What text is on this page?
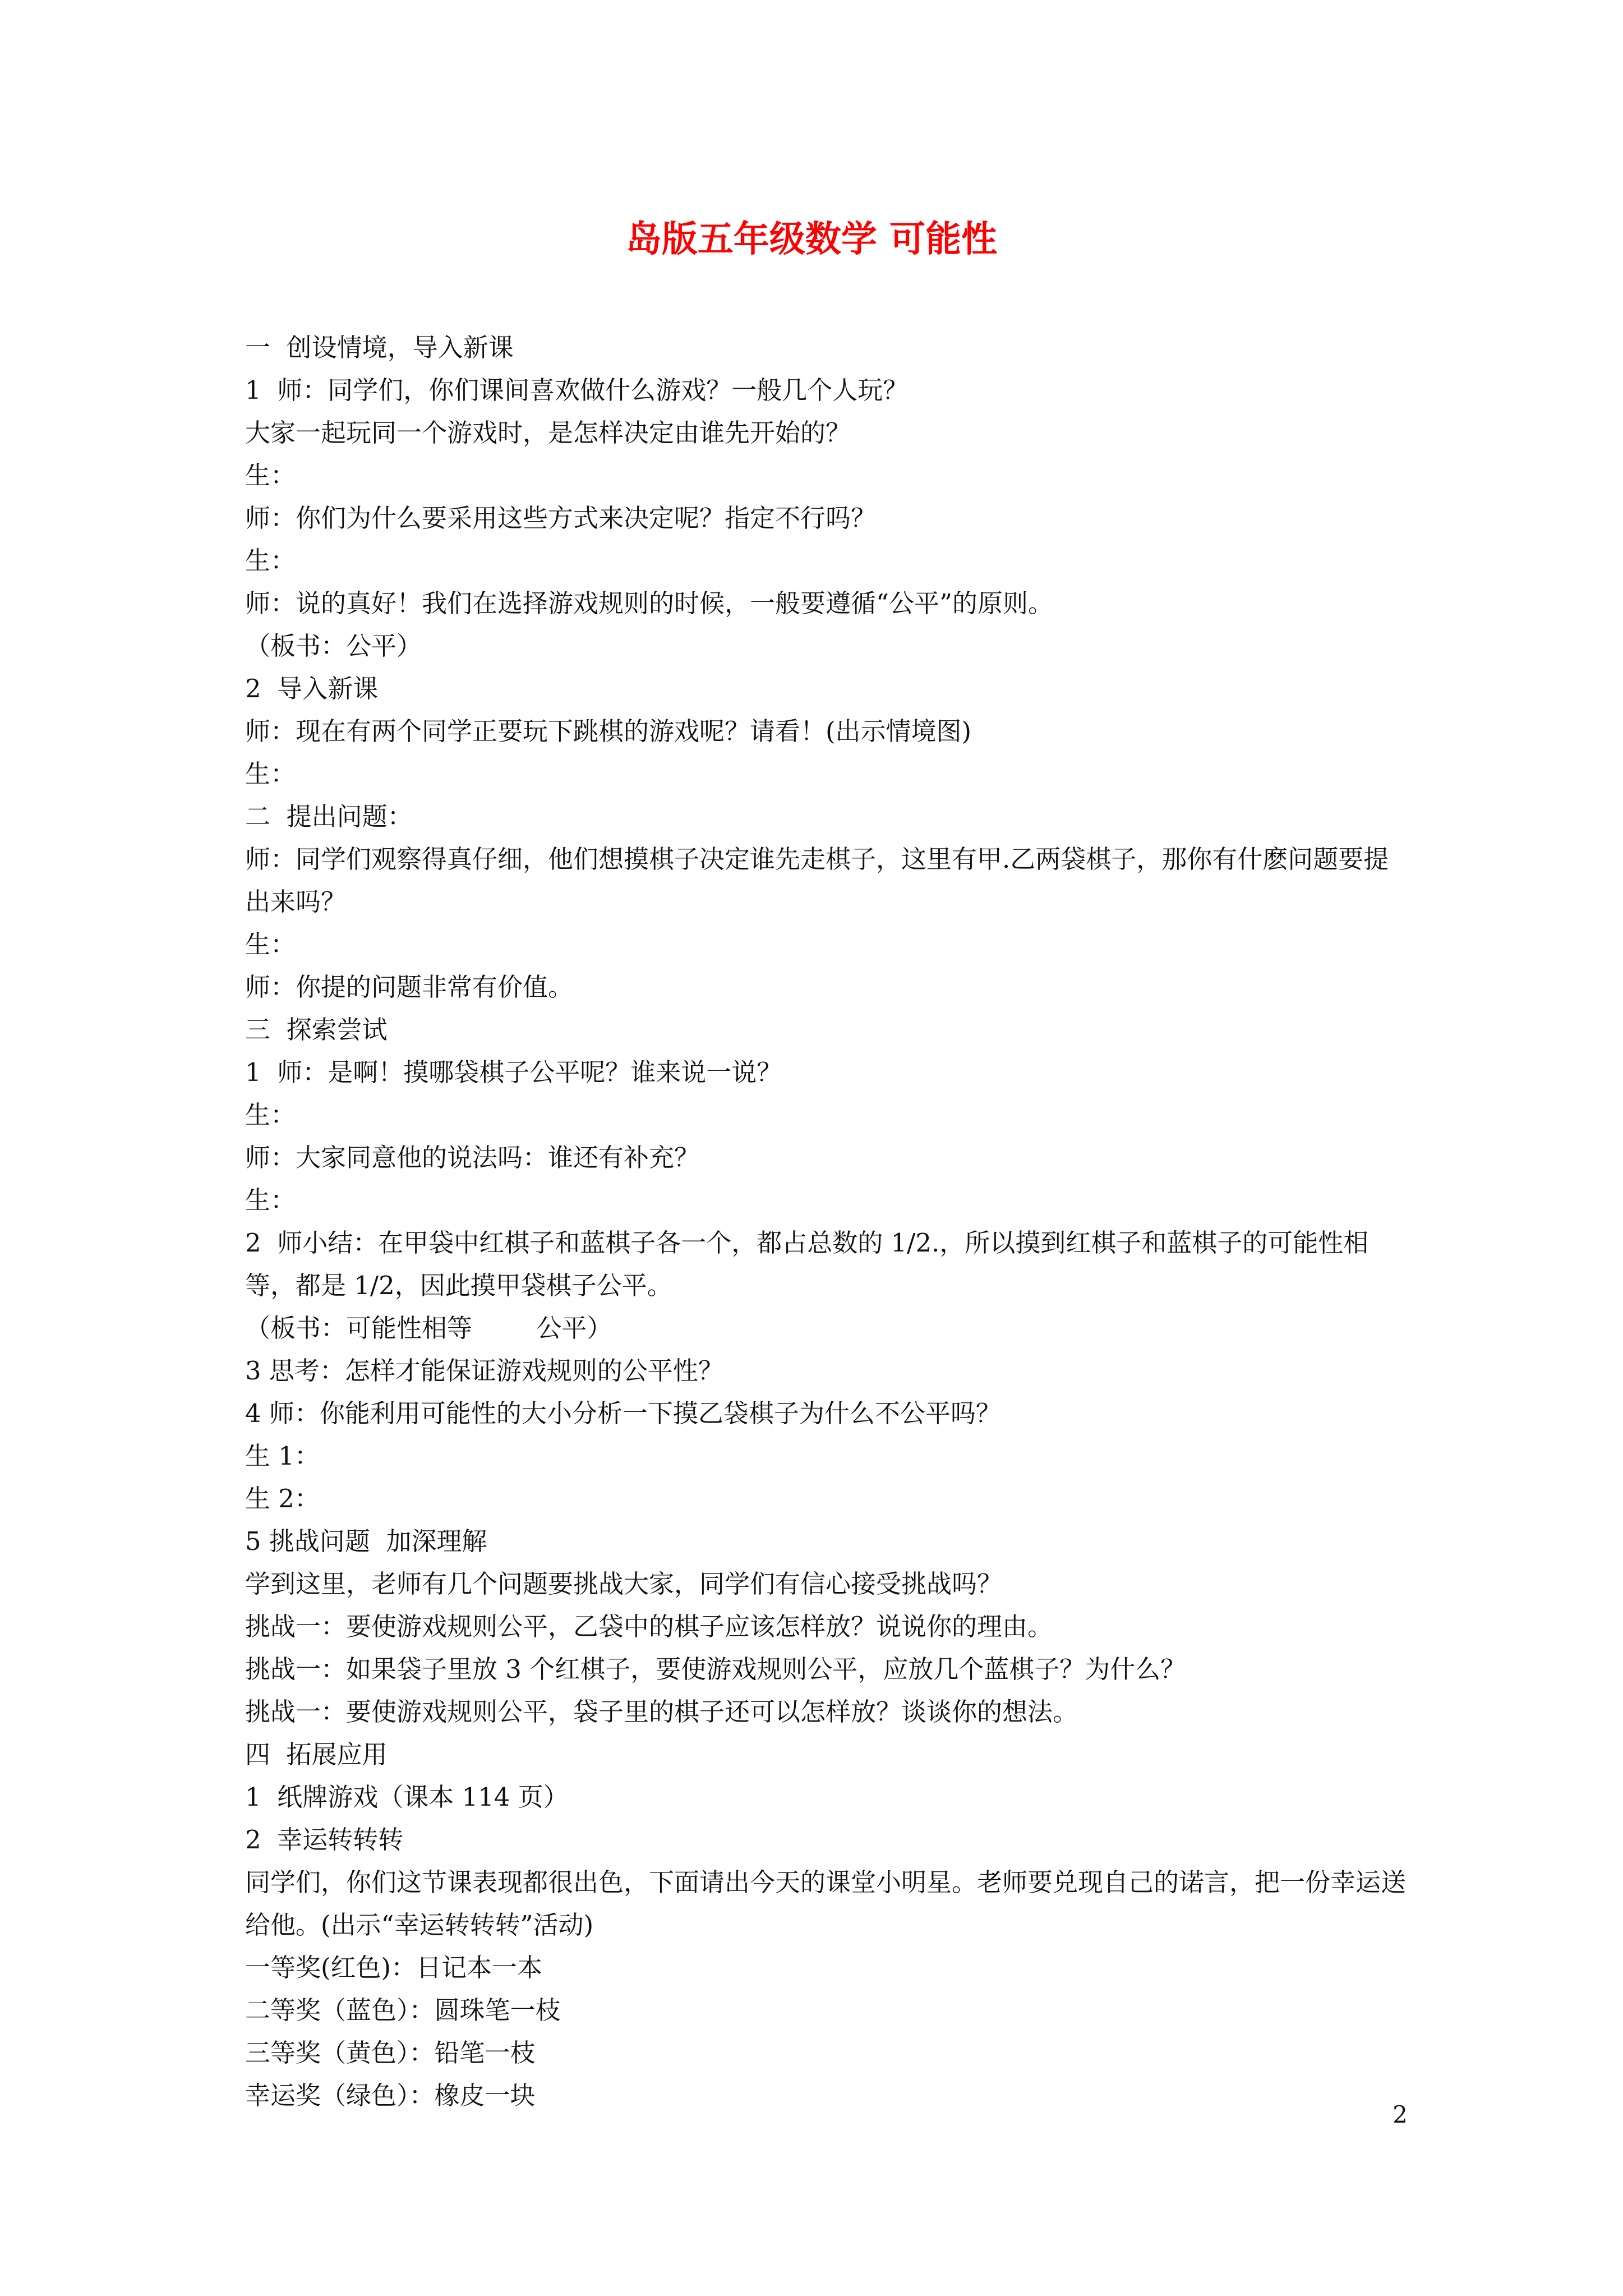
岛版五年级数学 可能性
一  创设情境，导入新课
1  师：同学们，你们课间喜欢做什么游戏？一般几个人玩？
大家一起玩同一个游戏时，是怎样决定由谁先开始的？
生：
师：你们为什么要采用这些方式来决定呢？指定不行吗？
生：
师：说的真好！我们在选择游戏规则的时候，一般要遵循“公平”的原则。
（板书：公平）
2  导入新课
师：现在有两个同学正要玩下跳棋的游戏呢？请看！(出示情境图)
生：
二  提出问题：
师：同学们观察得真仔细，他们想摸棋子决定谁先走棋子，这里有甲.乙两袋棋子，那你有什麽问题要提出来吗？
生：
师：你提的问题非常有价值。
三  探索尝试
1  师：是啊！摸哪袋棋子公平呢？谁来说一说？
生：
师：大家同意他的说法吗：谁还有补充？
生：
2  师小结：在甲袋中红棋子和蓝棋子各一个，都占总数的 1/2.，所以摸到红棋子和蓝棋子的可能性相等，都是 1/2，因此摸甲袋棋子公平。
（板书：可能性相等        公平）
3 思考：怎样才能保证游戏规则的公平性？
4 师：你能利用可能性的大小分析一下摸乙袋棋子为什么不公平吗？
生 1：
生 2：
5 挑战问题  加深理解
学到这里，老师有几个问题要挑战大家，同学们有信心接受挑战吗？
挑战一：要使游戏规则公平，乙袋中的棋子应该怎样放？说说你的理由。
挑战一：如果袋子里放 3 个红棋子，要使游戏规则公平，应放几个蓝棋子？为什么？
挑战一：要使游戏规则公平，袋子里的棋子还可以怎样放？谈谈你的想法。
四  拓展应用
1  纸牌游戏（课本 114 页）
2  幸运转转转
同学们，你们这节课表现都很出色，下面请出今天的课堂小明星。老师要兑现自己的诺言，把一份幸运送给他。(出示“幸运转转转”活动)
一等奖(红色)：日记本一本
二等奖（蓝色）：圆珠笔一枝
三等奖（黄色）：铅笔一枝
幸运奖（绿色）：橡皮一块
2
